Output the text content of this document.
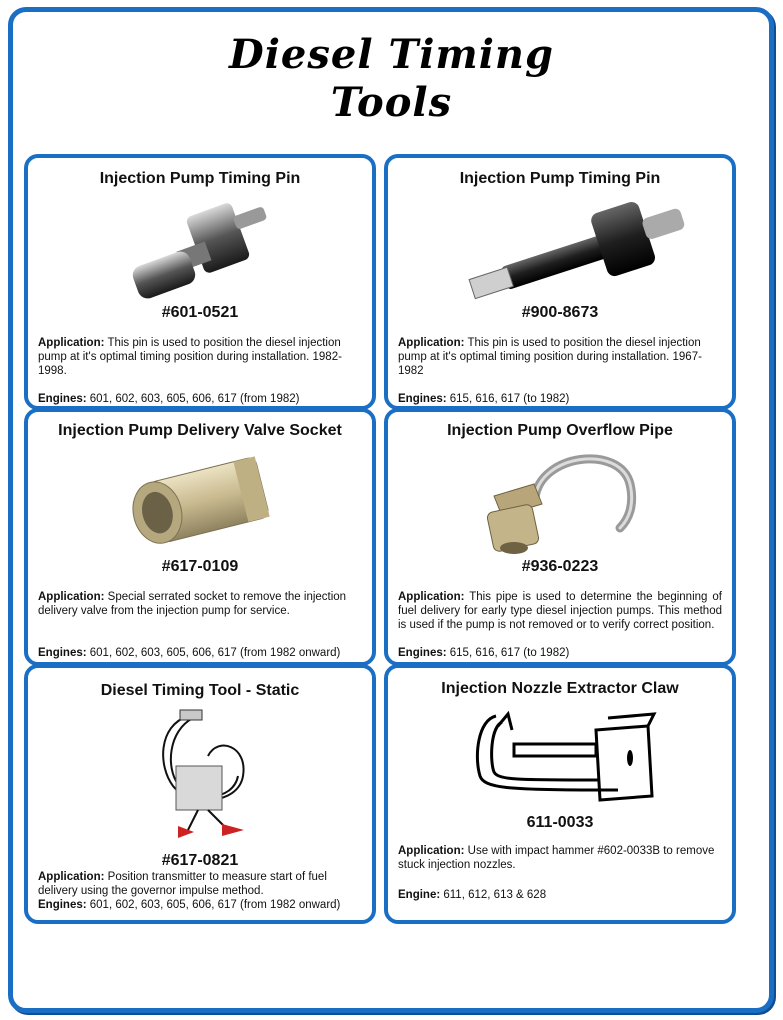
Diesel Timing
Tools
Injection Pump Timing Pin
#601-0521
Application: This pin is used to position the diesel injection pump at it's optimal timing position during installation. 1982-1998.
Engines: 601, 602, 603, 605, 606, 617 (from 1982)
Injection Pump Timing Pin
#900-8673
Application: This pin is used to position the diesel injection pump at it's optimal timing position during installation. 1967-1982
Engines: 615, 616, 617 (to 1982)
Injection Pump Delivery Valve Socket
#617-0109
Application: Special serrated socket to remove the injection delivery valve from the injection pump for service.
Engines: 601, 602, 603, 605, 606, 617 (from 1982 onward)
Injection Pump Overflow Pipe
#936-0223
Application: This pipe is used to determine the beginning of fuel delivery for early type diesel injection pumps. This method is used if the pump is not removed or to verify correct position.
Engines: 615, 616, 617 (to 1982)
Diesel Timing Tool - Static
#617-0821
Application: Position transmitter to measure start of fuel delivery using the governor impulse method.
Engines: 601, 602, 603, 605, 606, 617 (from 1982 onward)
Injection Nozzle Extractor Claw
611-0033
Application: Use with impact hammer #602-0033B to remove stuck injection nozzles.
Engine: 611, 612, 613 & 628
